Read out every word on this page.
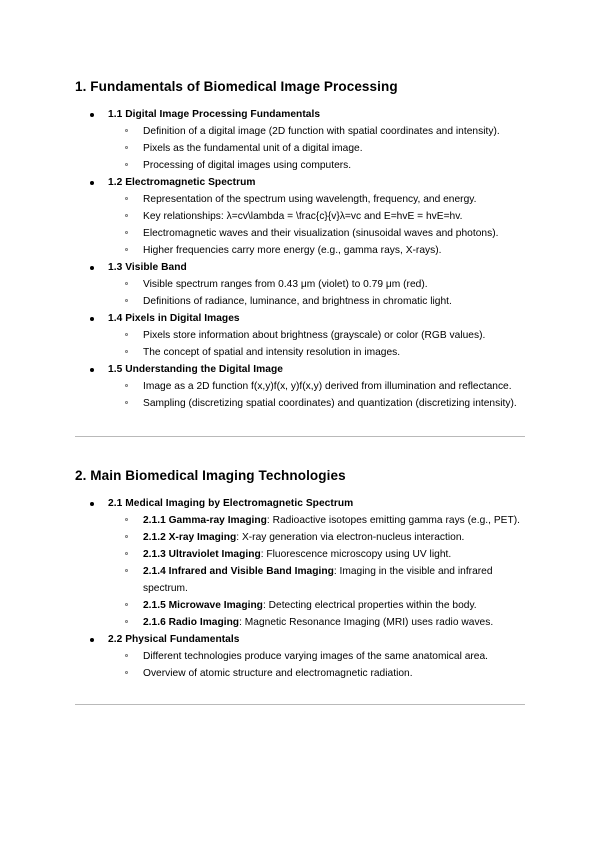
1. Fundamentals of Biomedical Image Processing
1.1 Digital Image Processing Fundamentals
Definition of a digital image (2D function with spatial coordinates and intensity).
Pixels as the fundamental unit of a digital image.
Processing of digital images using computers.
1.2 Electromagnetic Spectrum
Representation of the spectrum using wavelength, frequency, and energy.
Key relationships: λ=cv\lambda = \frac{c}{v}λ=vc and E=hvE = hvE=hv.
Electromagnetic waves and their visualization (sinusoidal waves and photons).
Higher frequencies carry more energy (e.g., gamma rays, X-rays).
1.3 Visible Band
Visible spectrum ranges from 0.43 μm (violet) to 0.79 μm (red).
Definitions of radiance, luminance, and brightness in chromatic light.
1.4 Pixels in Digital Images
Pixels store information about brightness (grayscale) or color (RGB values).
The concept of spatial and intensity resolution in images.
1.5 Understanding the Digital Image
Image as a 2D function f(x,y)f(x, y)f(x,y) derived from illumination and reflectance.
Sampling (discretizing spatial coordinates) and quantization (discretizing intensity).
2. Main Biomedical Imaging Technologies
2.1 Medical Imaging by Electromagnetic Spectrum
2.1.1 Gamma-ray Imaging: Radioactive isotopes emitting gamma rays (e.g., PET).
2.1.2 X-ray Imaging: X-ray generation via electron-nucleus interaction.
2.1.3 Ultraviolet Imaging: Fluorescence microscopy using UV light.
2.1.4 Infrared and Visible Band Imaging: Imaging in the visible and infrared spectrum.
2.1.5 Microwave Imaging: Detecting electrical properties within the body.
2.1.6 Radio Imaging: Magnetic Resonance Imaging (MRI) uses radio waves.
2.2 Physical Fundamentals
Different technologies produce varying images of the same anatomical area.
Overview of atomic structure and electromagnetic radiation.
